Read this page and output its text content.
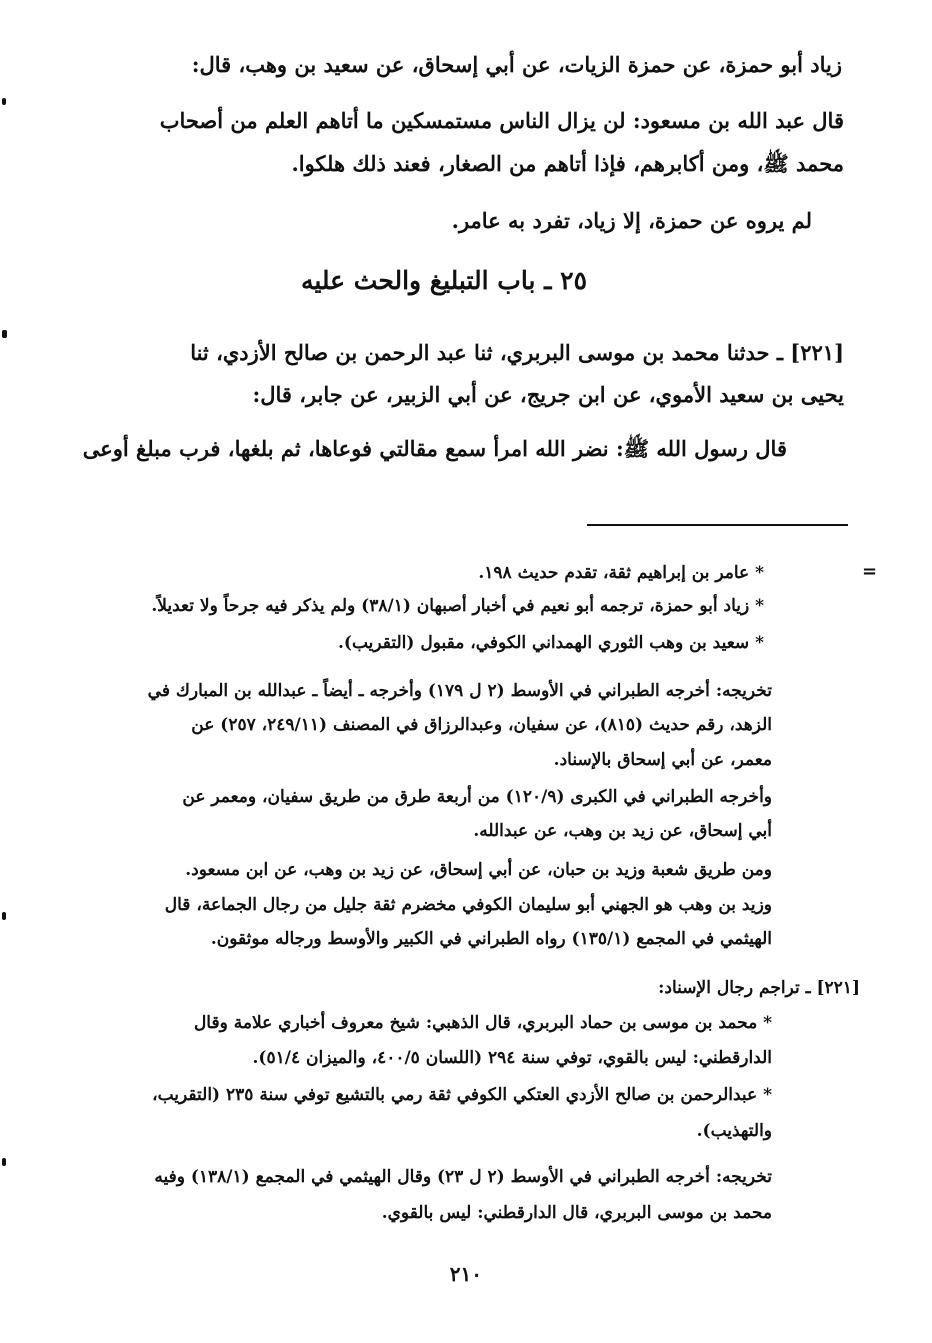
زياد أبو حمزة، عن حمزة الزيات، عن أبي إسحاق، عن سعيد بن وهب، قال:
قال عبد الله بن مسعود: لن يزال الناس مستمسكين ما أتاهم العلم من أصحاب
محمد ﷺ، ومن أكابرهم، فإذا أتاهم من الصغار، فعند ذلك هلكوا.
لم يروه عن حمزة، إلا زياد، تفرد به عامر.
٢٥ ـ باب التبليغ والحث عليه
[٢٢١] ـ حدثنا محمد بن موسى البربري، ثنا عبد الرحمن بن صالح الأزدي، ثنا
يحيى بن سعيد الأموي، عن ابن جريج، عن أبي الزبير، عن جابر، قال:
قال رسول الله ﷺ: نضر الله امرأ سمع مقالتي فوعاها، ثم بلغها، فرب مبلغ أوعى
=
* عامر بن إبراهيم ثقة، تقدم حديث ١٩٨.
* زياد أبو حمزة، ترجمه أبو نعيم في أخبار أصبهان (٣٨/١) ولم يذكر فيه جرحاً ولا تعديلاً.
* سعيد بن وهب الثوري الهمداني الكوفي، مقبول (التقريب).
تخريجه: أخرجه الطبراني في الأوسط (٢ ل ١٧٩) وأخرجه ـ أيضاً ـ عبدالله بن المبارك في
الزهد، رقم حديث (٨١٥)، عن سفيان، وعبدالرزاق في المصنف (٢٤٩/١١، ٢٥٧) عن
معمر، عن أبي إسحاق بالإسناد.
وأخرجه الطبراني في الكبرى (١٢٠/٩) من أربعة طرق من طريق سفيان، ومعمر عن
أبي إسحاق، عن زيد بن وهب، عن عبدالله.
ومن طريق شعبة وزيد بن حبان، عن أبي إسحاق، عن زيد بن وهب، عن ابن مسعود.
وزيد بن وهب هو الجهني أبو سليمان الكوفي مخضرم ثقة جليل من رجال الجماعة، قال
الهيثمي في المجمع (١٣٥/١) رواه الطبراني في الكبير والأوسط ورجاله موثقون.
[٢٢١] ـ تراجم رجال الإسناد:
* محمد بن موسى بن حماد البربري، قال الذهبي: شيخ معروف أخباري علامة وقال
الدارقطني: ليس بالقوي، توفي سنة ٢٩٤ (اللسان ٤٠٠/٥، والميزان ٥١/٤).
* عبدالرحمن بن صالح الأزدي العتكي الكوفي ثقة رمي بالتشيع توفي سنة ٢٣٥ (التقريب،
والتهذيب).
تخريجه: أخرجه الطبراني في الأوسط (٢ ل ٢٣) وقال الهيثمي في المجمع (١٣٨/١) وفيه
محمد بن موسى البربري، قال الدارقطني: ليس بالقوي.
٢١٠
